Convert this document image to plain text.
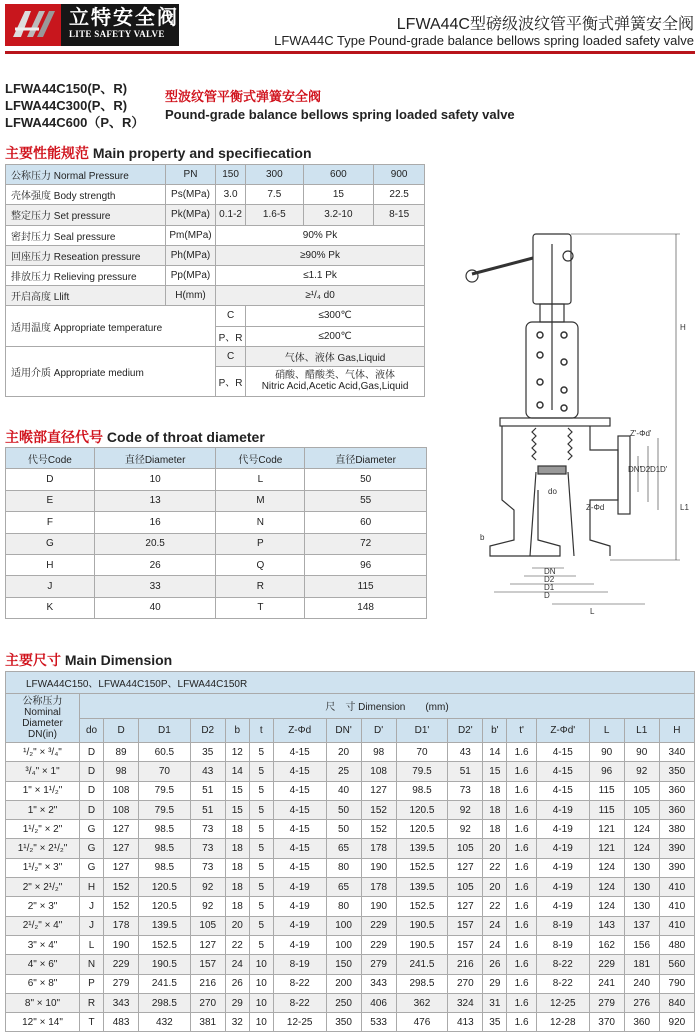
立特安全阀
LITE SAFETY VALVE
LFWA44C型磅级波纹管平衡式弹簧安全阀
LFWA44C Type Pound-grade balance bellows spring loaded safety valve
LFWA44C150(P、R)
LFWA44C300(P、R)
LFWA44C600（P、R）
型波纹管平衡式弹簧安全阀
Pound-grade balance bellows spring loaded safety valve
主要性能规范 Main property and specifiecation
公称压力 Normal Pressure	PN	150	300	600	900
壳体强度 Body strength	Ps(MPa)	3.0	7.5	15	22.5
整定压力 Set pressure	Pk(MPa)	0.1-2	1.6-5	3.2-10	8-15
密封压力 Seal pressure	Pm(MPa)	90% Pk			
回座压力 Reseation pressure	Ph(MPa)	≥90% Pk			
排放压力 Relieving pressure	Pp(MPa)	≤1.1 Pk			
开启高度 Llift	H(mm)	≥¹/₄ d0			
适用温度 Appropriate temperature		C	≤300℃		
		P、R	≤200℃		
适用介质 Appropriate medium		C	气体、液体 Gas,Liquid		
		P、R	硝酸、醋酸类、气体、液体
Nitric Acid,Acetic Acid,Gas,Liquid		
主喉部直径代号 Code of throat diameter
代号Code	直径Diameter	代号Code	直径Diameter
D	10	L	50
E	13	M	55
F	16	N	60
G	20.5	P	72
H	26	Q	96
J	33	R	115
K	40	T	148
主要尺寸 Main Dimension
LFWA44C150、LFWA44C150P、LFWA44C150R																	
公称压力 Nominal Diameter DN(in)	尺　寸 Dimension　　(mm)																
	do	D	D1	D2	b	t	Z-Φd	DN'	D'	D1'	D2'	b'	t'	Z-Φd'	L	L1	H
¹/₂" × ³/₄"	D	89	60.5	35	12	5	4-15	20	98	70	43	14	1.6	4-15	90	90	340
³/₄" × 1"	D	98	70	43	14	5	4-15	25	108	79.5	51	15	1.6	4-15	96	92	350
1" × 1¹/₂"	D	108	79.5	51	15	5	4-15	40	127	98.5	73	18	1.6	4-15	115	105	360
1" × 2"	D	108	79.5	51	15	5	4-15	50	152	120.5	92	18	1.6	4-19	115	105	360
1¹/₂" × 2"	G	127	98.5	73	18	5	4-15	50	152	120.5	92	18	1.6	4-19	121	124	380
1¹/₂" × 2¹/₂"	G	127	98.5	73	18	5	4-15	65	178	139.5	105	20	1.6	4-19	121	124	390
1¹/₂" × 3"	G	127	98.5	73	18	5	4-15	80	190	152.5	127	22	1.6	4-19	124	130	390
2" × 2¹/₂"	H	152	120.5	92	18	5	4-19	65	178	139.5	105	20	1.6	4-19	124	130	410
2" × 3"	J	152	120.5	92	18	5	4-19	80	190	152.5	127	22	1.6	4-19	124	130	410
2¹/₂" × 4"	J	178	139.5	105	20	5	4-19	100	229	190.5	157	24	1.6	8-19	143	137	410
3" × 4"	L	190	152.5	127	22	5	4-19	100	229	190.5	157	24	1.6	8-19	162	156	480
4" × 6"	N	229	190.5	157	24	10	8-19	150	279	241.5	216	26	1.6	8-22	229	181	560
6" × 8"	P	279	241.5	216	26	10	8-22	200	343	298.5	270	29	1.6	8-22	241	240	790
8" × 10"	R	343	298.5	270	29	10	8-22	250	406	362	324	31	1.6	12-25	279	276	840
12" × 14"	T	483	432	381	32	10	12-25	350	533	476	413	35	1.6	12-28	370	360	920
do
H
L1
L
DN
D2
D1
D
b
Z-Φd
Z'-Φd'
DN'
D2'
D1'
D'
